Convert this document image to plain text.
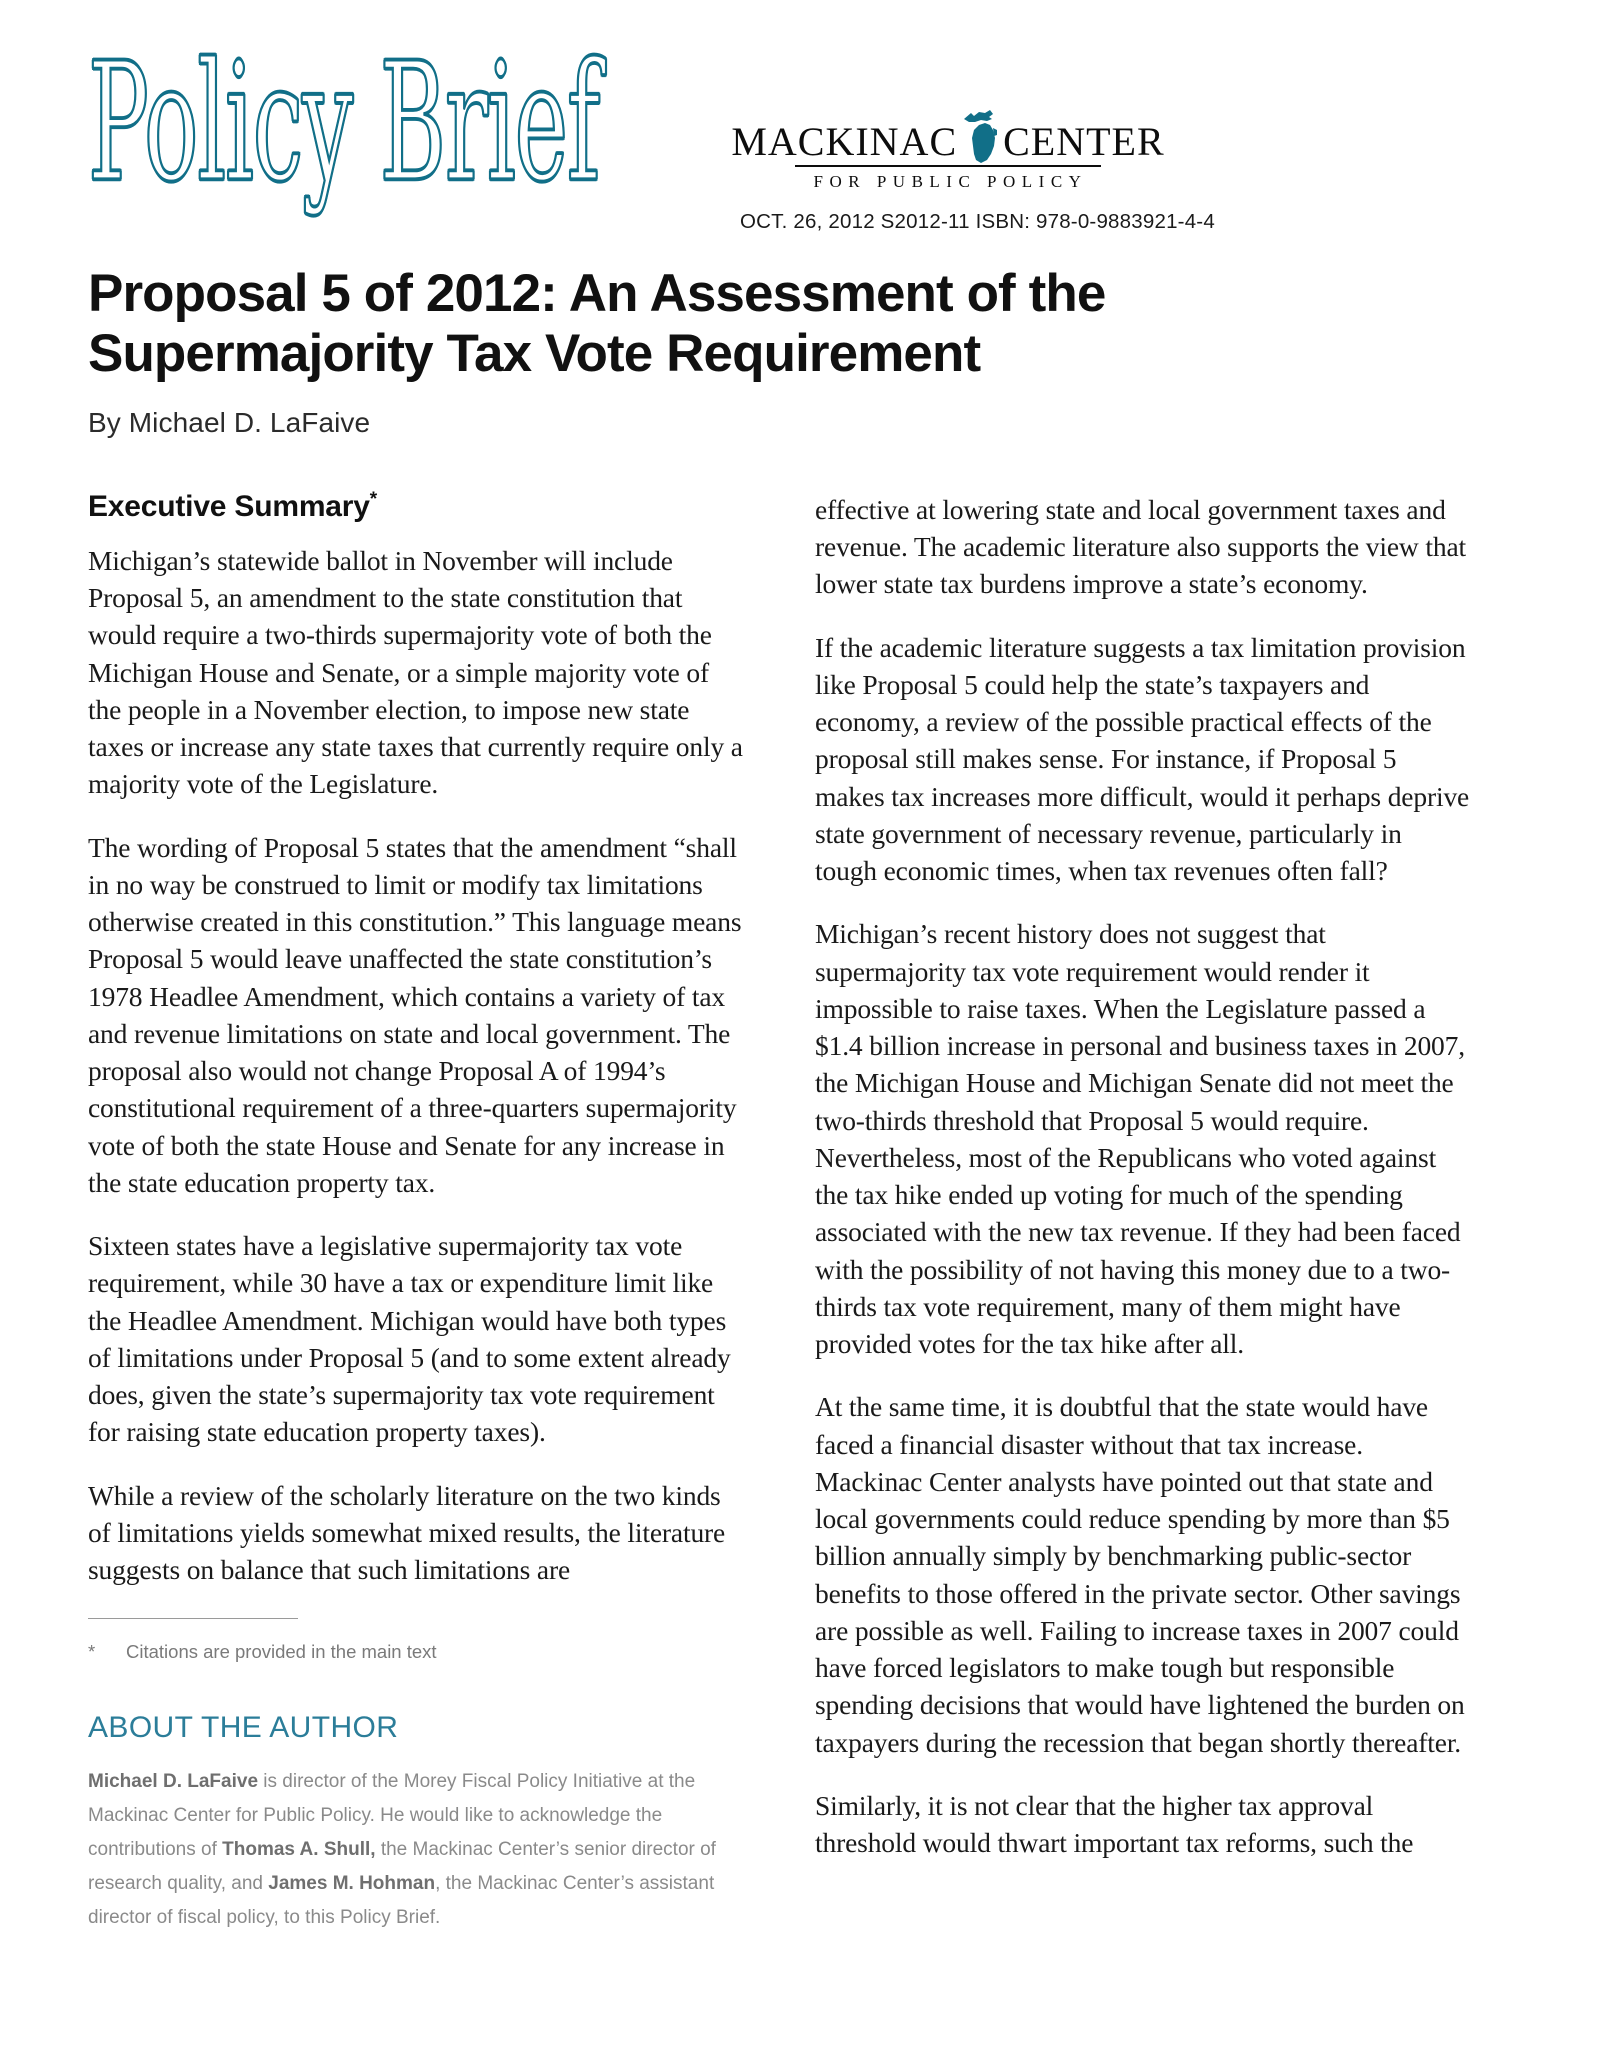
Policy Brief	MACKINAC CENTER
FOR PUBLIC POLICY
OCT. 26, 2012 S2012-11 ISBN: 978-0-9883921-4-4
Proposal 5 of 2012: An Assessment of the Supermajority Tax Vote Requirement
By Michael D. LaFaive
Executive Summary*

Michigan’s statewide ballot in November will include Proposal 5, an amendment to the state constitution that would require a two-thirds supermajority vote of both the Michigan House and Senate, or a simple majority vote of the people in a November election, to impose new state taxes or increase any state taxes that currently require only a majority vote of the Legislature.

The wording of Proposal 5 states that the amendment “shall in no way be construed to limit or modify tax limitations otherwise created in this constitution.” This language means Proposal 5 would leave unaffected the state constitution’s 1978 Headlee Amendment, which contains a variety of tax and revenue limitations on state and local government. The proposal also would not change Proposal A of 1994’s constitutional requirement of a three-quarters supermajority vote of both the state House and Senate for any increase in the state education property tax.

Sixteen states have a legislative supermajority tax vote requirement, while 30 have a tax or expenditure limit like the Headlee Amendment. Michigan would have both types of limitations under Proposal 5 (and to some extent already does, given the state’s supermajority tax vote requirement for raising state education property taxes).

While a review of the scholarly literature on the two kinds of limitations yields somewhat mixed results, the literature suggests on balance that such limitations are

*	Citations are provided in the main text
ABOUT THE AUTHOR
Michael D. LaFaive is director of the Morey Fiscal Policy Initiative at the Mackinac Center for Public Policy. He would like to acknowledge the contributions of Thomas A. Shull, the Mackinac Center’s senior director of research quality, and James M. Hohman, the Mackinac Center’s assistant director of fiscal policy, to this Policy Brief.

effective at lowering state and local government taxes and revenue. The academic literature also supports the view that lower state tax burdens improve a state’s economy.

If the academic literature suggests a tax limitation provision like Proposal 5 could help the state’s taxpayers and economy, a review of the possible practical effects of the proposal still makes sense. For instance, if Proposal 5 makes tax increases more difficult, would it perhaps deprive state government of necessary revenue, particularly in tough economic times, when tax revenues often fall?

Michigan’s recent history does not suggest that supermajority tax vote requirement would render it impossible to raise taxes. When the Legislature passed a $1.4 billion increase in personal and business taxes in 2007, the Michigan House and Michigan Senate did not meet the two-thirds threshold that Proposal 5 would require. Nevertheless, most of the Republicans who voted against the tax hike ended up voting for much of the spending associated with the new tax revenue. If they had been faced with the possibility of not having this money due to a two-thirds tax vote requirement, many of them might have provided votes for the tax hike after all.

At the same time, it is doubtful that the state would have faced a financial disaster without that tax increase. Mackinac Center analysts have pointed out that state and local governments could reduce spending by more than $5 billion annually simply by benchmarking public-sector benefits to those offered in the private sector. Other savings are possible as well. Failing to increase taxes in 2007 could have forced legislators to make tough but responsible spending decisions that would have lightened the burden on taxpayers during the recession that began shortly thereafter.

Similarly, it is not clear that the higher tax approval threshold would thwart important tax reforms, such the
